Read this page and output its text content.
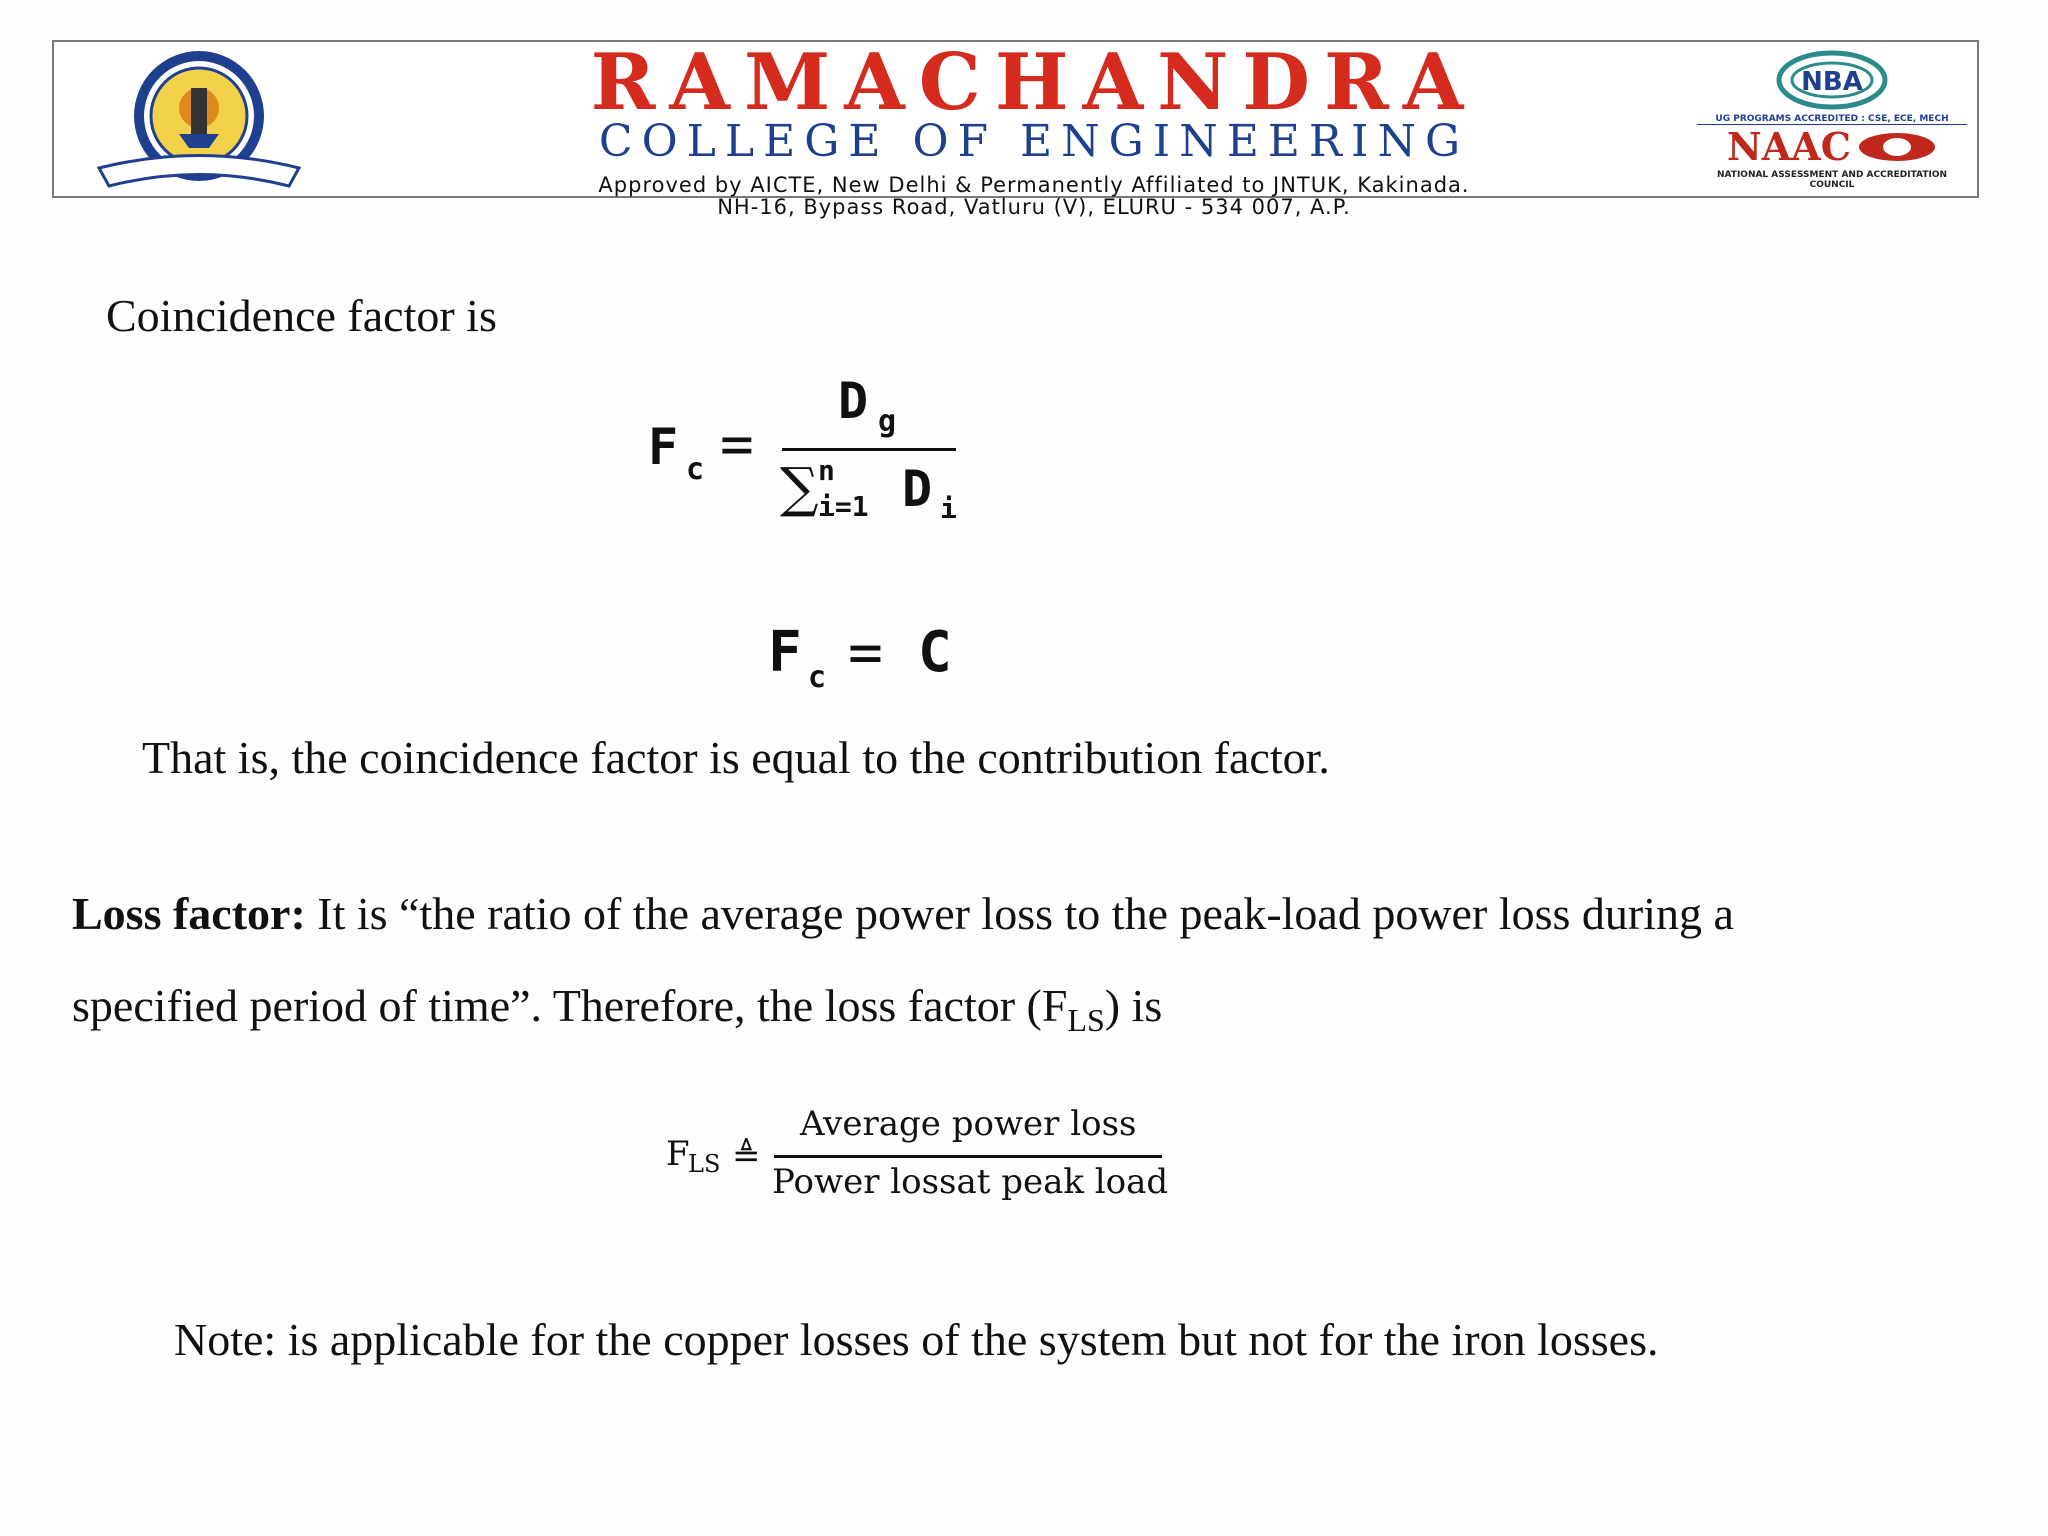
RAMACHANDRA
COLLEGE OF ENGINEERING
Approved by AICTE, New Delhi & Permanently Affiliated to JNTUK, Kakinada.
NH-16, Bypass Road, Vatluru (V), ELURU - 534 007, A.P.
NBA
UG PROGRAMS ACCREDITED : CSE, ECE, MECH
NAAC
NATIONAL ASSESSMENT AND ACCREDITATION COUNCIL
Coincidence factor is
F c =
D g
∑ n
i=1 D i
F c = C
That is, the coincidence factor is equal to the contribution factor.
Loss factor: It is “the ratio of the average power loss to the peak-load power loss during a
specified period of time”. Therefore, the loss factor $(F_{LS})$ is
F
LS ≜
Average power loss
Power lossat peak load
Note: is applicable for the copper losses of the system but not for the iron losses.
